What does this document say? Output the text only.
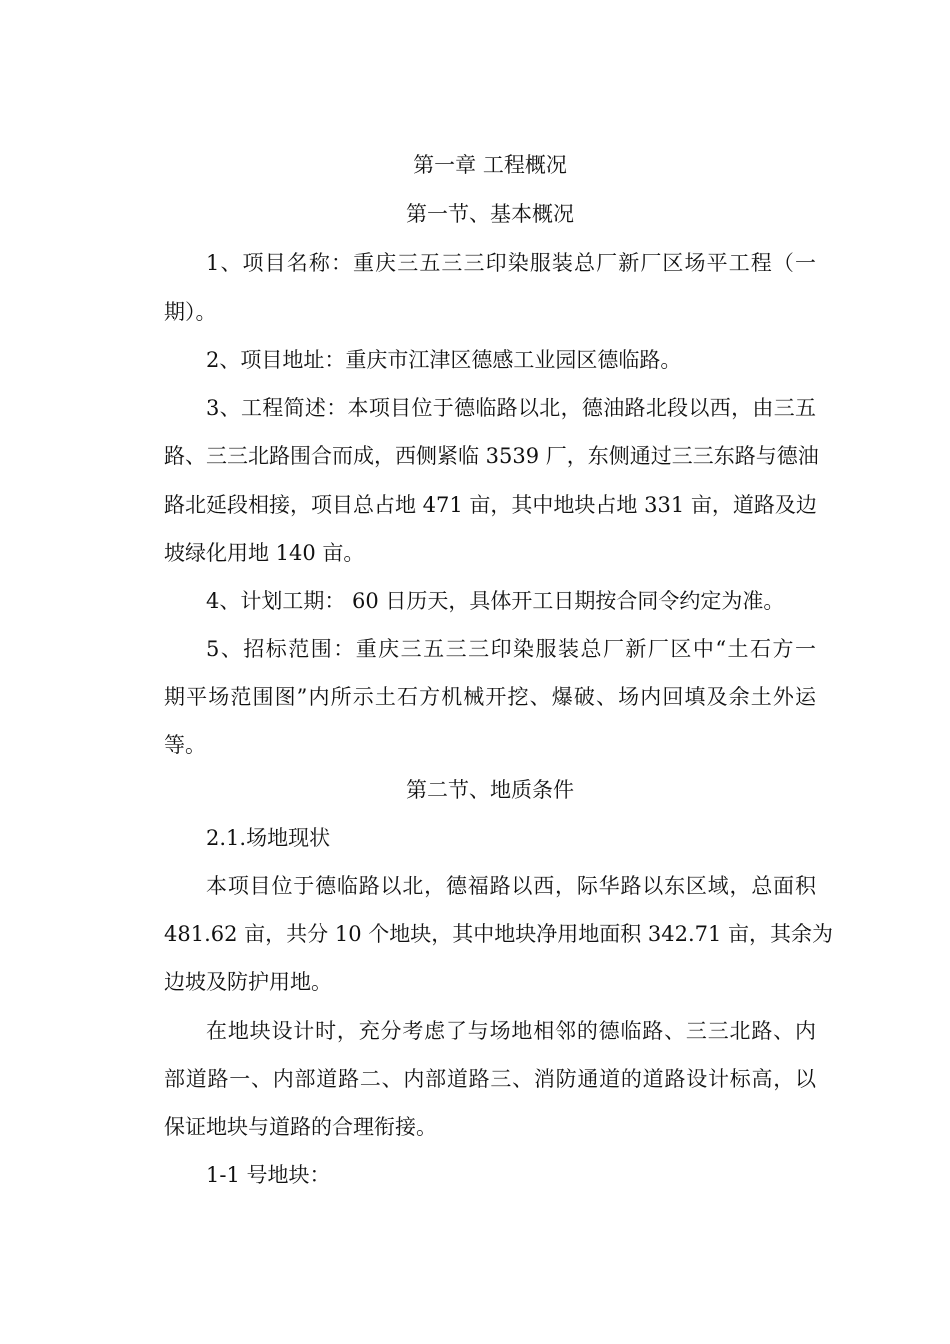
第一章 工程概况
第一节、基本概况
1、项目名称：重庆三五三三印染服装总厂新厂区场平工程（一
期）。
2、项目地址：重庆市江津区德感工业园区德临路。
3、工程简述：本项目位于德临路以北，德油路北段以西，由三五
路、三三北路围合而成，西侧紧临 3539 厂，东侧通过三三东路与德油
路北延段相接，项目总占地 471 亩，其中地块占地 331 亩，道路及边
坡绿化用地 140 亩。
4、计划工期： 60 日历天，具体开工日期按合同令约定为准。
5、招标范围：重庆三五三三印染服装总厂新厂区中“土石方一
期平场范围图”内所示土石方机械开挖、爆破、场内回填及余土外运
等。
第二节、地质条件
2.1.场地现状
本项目位于德临路以北，德福路以西，际华路以东区域，总面积
481.62 亩，共分 10 个地块，其中地块净用地面积 342.71 亩，其余为
边坡及防护用地。
在地块设计时，充分考虑了与场地相邻的德临路、三三北路、内
部道路一、内部道路二、内部道路三、消防通道的道路设计标高，以
保证地块与道路的合理衔接。
1-1 号地块：
